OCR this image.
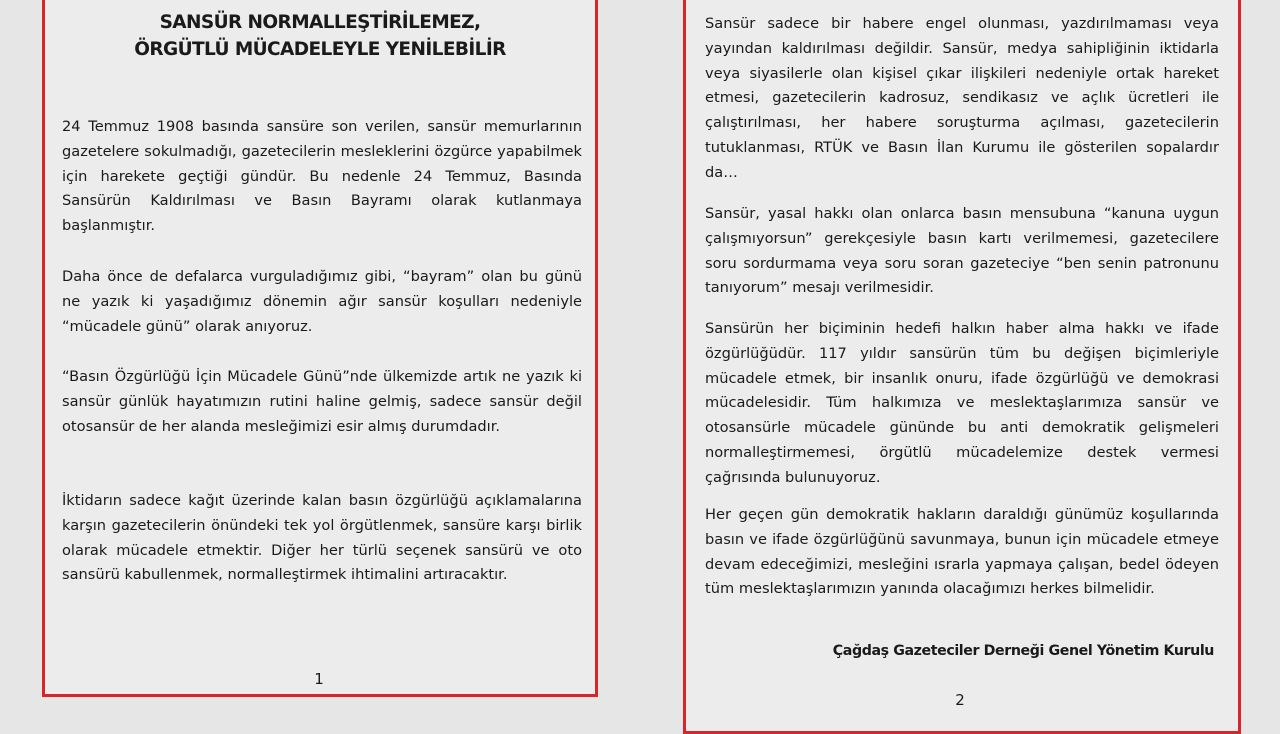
SANSÜR NORMALLEŞTİRİLEMEZ,
ÖRGÜTLÜ MÜCADELEYLE YENİLEBİLİR

24 Temmuz 1908 basında sansüre son verilen, sansür memurlarının gazetelere sokulmadığı, gazetecilerin mesleklerini özgürce yapabilmek için harekete geçtiği gündür. Bu nedenle 24 Temmuz, Basında Sansürün Kaldırılması ve Basın Bayramı olarak kutlanmaya başlanmıştır.

Daha önce de defalarca vurguladığımız gibi, “bayram” olan bu günü ne yazık ki yaşadığımız dönemin ağır sansür koşulları nedeniyle “mücadele günü” olarak anıyoruz.

“Basın Özgürlüğü İçin Mücadele Günü”nde ülkemizde artık ne yazık ki sansür günlük hayatımızın rutini haline gelmiş, sadece sansür değil otosansür de her alanda mesleğimizi esir almış durumdadır.

İktidarın sadece kağıt üzerinde kalan basın özgürlüğü açıklamalarına karşın gazetecilerin önündeki tek yol örgütlenmek, sansüre karşı birlik olarak mücadele etmektir. Diğer her türlü seçenek sansürü ve oto sansürü kabullenmek, normalleştirmek ihtimalini artıracaktır.

1

Sansür sadece bir habere engel olunması, yazdırılmaması veya yayından kaldırılması değildir. Sansür, medya sahipliğinin iktidarla veya siyasilerle olan kişisel çıkar ilişkileri nedeniyle ortak hareket etmesi, gazetecilerin kadrosuz, sendikasız ve açlık ücretleri ile çalıştırılması, her habere soruşturma açılması, gazetecilerin tutuklanması, RTÜK ve Basın İlan Kurumu ile gösterilen sopalardır da…

Sansür, yasal hakkı olan onlarca basın mensubuna “kanuna uygun çalışmıyorsun” gerekçesiyle basın kartı verilmemesi, gazetecilere soru sordurmama veya soru soran gazeteciye “ben senin patronunu tanıyorum” mesajı verilmesidir.

Sansürün her biçiminin hedefi halkın haber alma hakkı ve ifade özgürlüğüdür. 117 yıldır sansürün tüm bu değişen biçimleriyle mücadele etmek, bir insanlık onuru, ifade özgürlüğü ve demokrasi mücadelesidir. Tüm halkımıza ve meslektaşlarımıza sansür ve otosansürle mücadele gününde bu anti demokratik gelişmeleri normalleştirmemesi, örgütlü mücadelemize destek vermesi çağrısında bulunuyoruz.

Her geçen gün demokratik hakların daraldığı günümüz koşullarında basın ve ifade özgürlüğünü savunmaya, bunun için mücadele etmeye devam edeceğimizi, mesleğini ısrarla yapmaya çalışan, bedel ödeyen tüm meslektaşlarımızın yanında olacağımızı herkes bilmelidir.

Çağdaş Gazeteciler Derneği Genel Yönetim Kurulu

2
